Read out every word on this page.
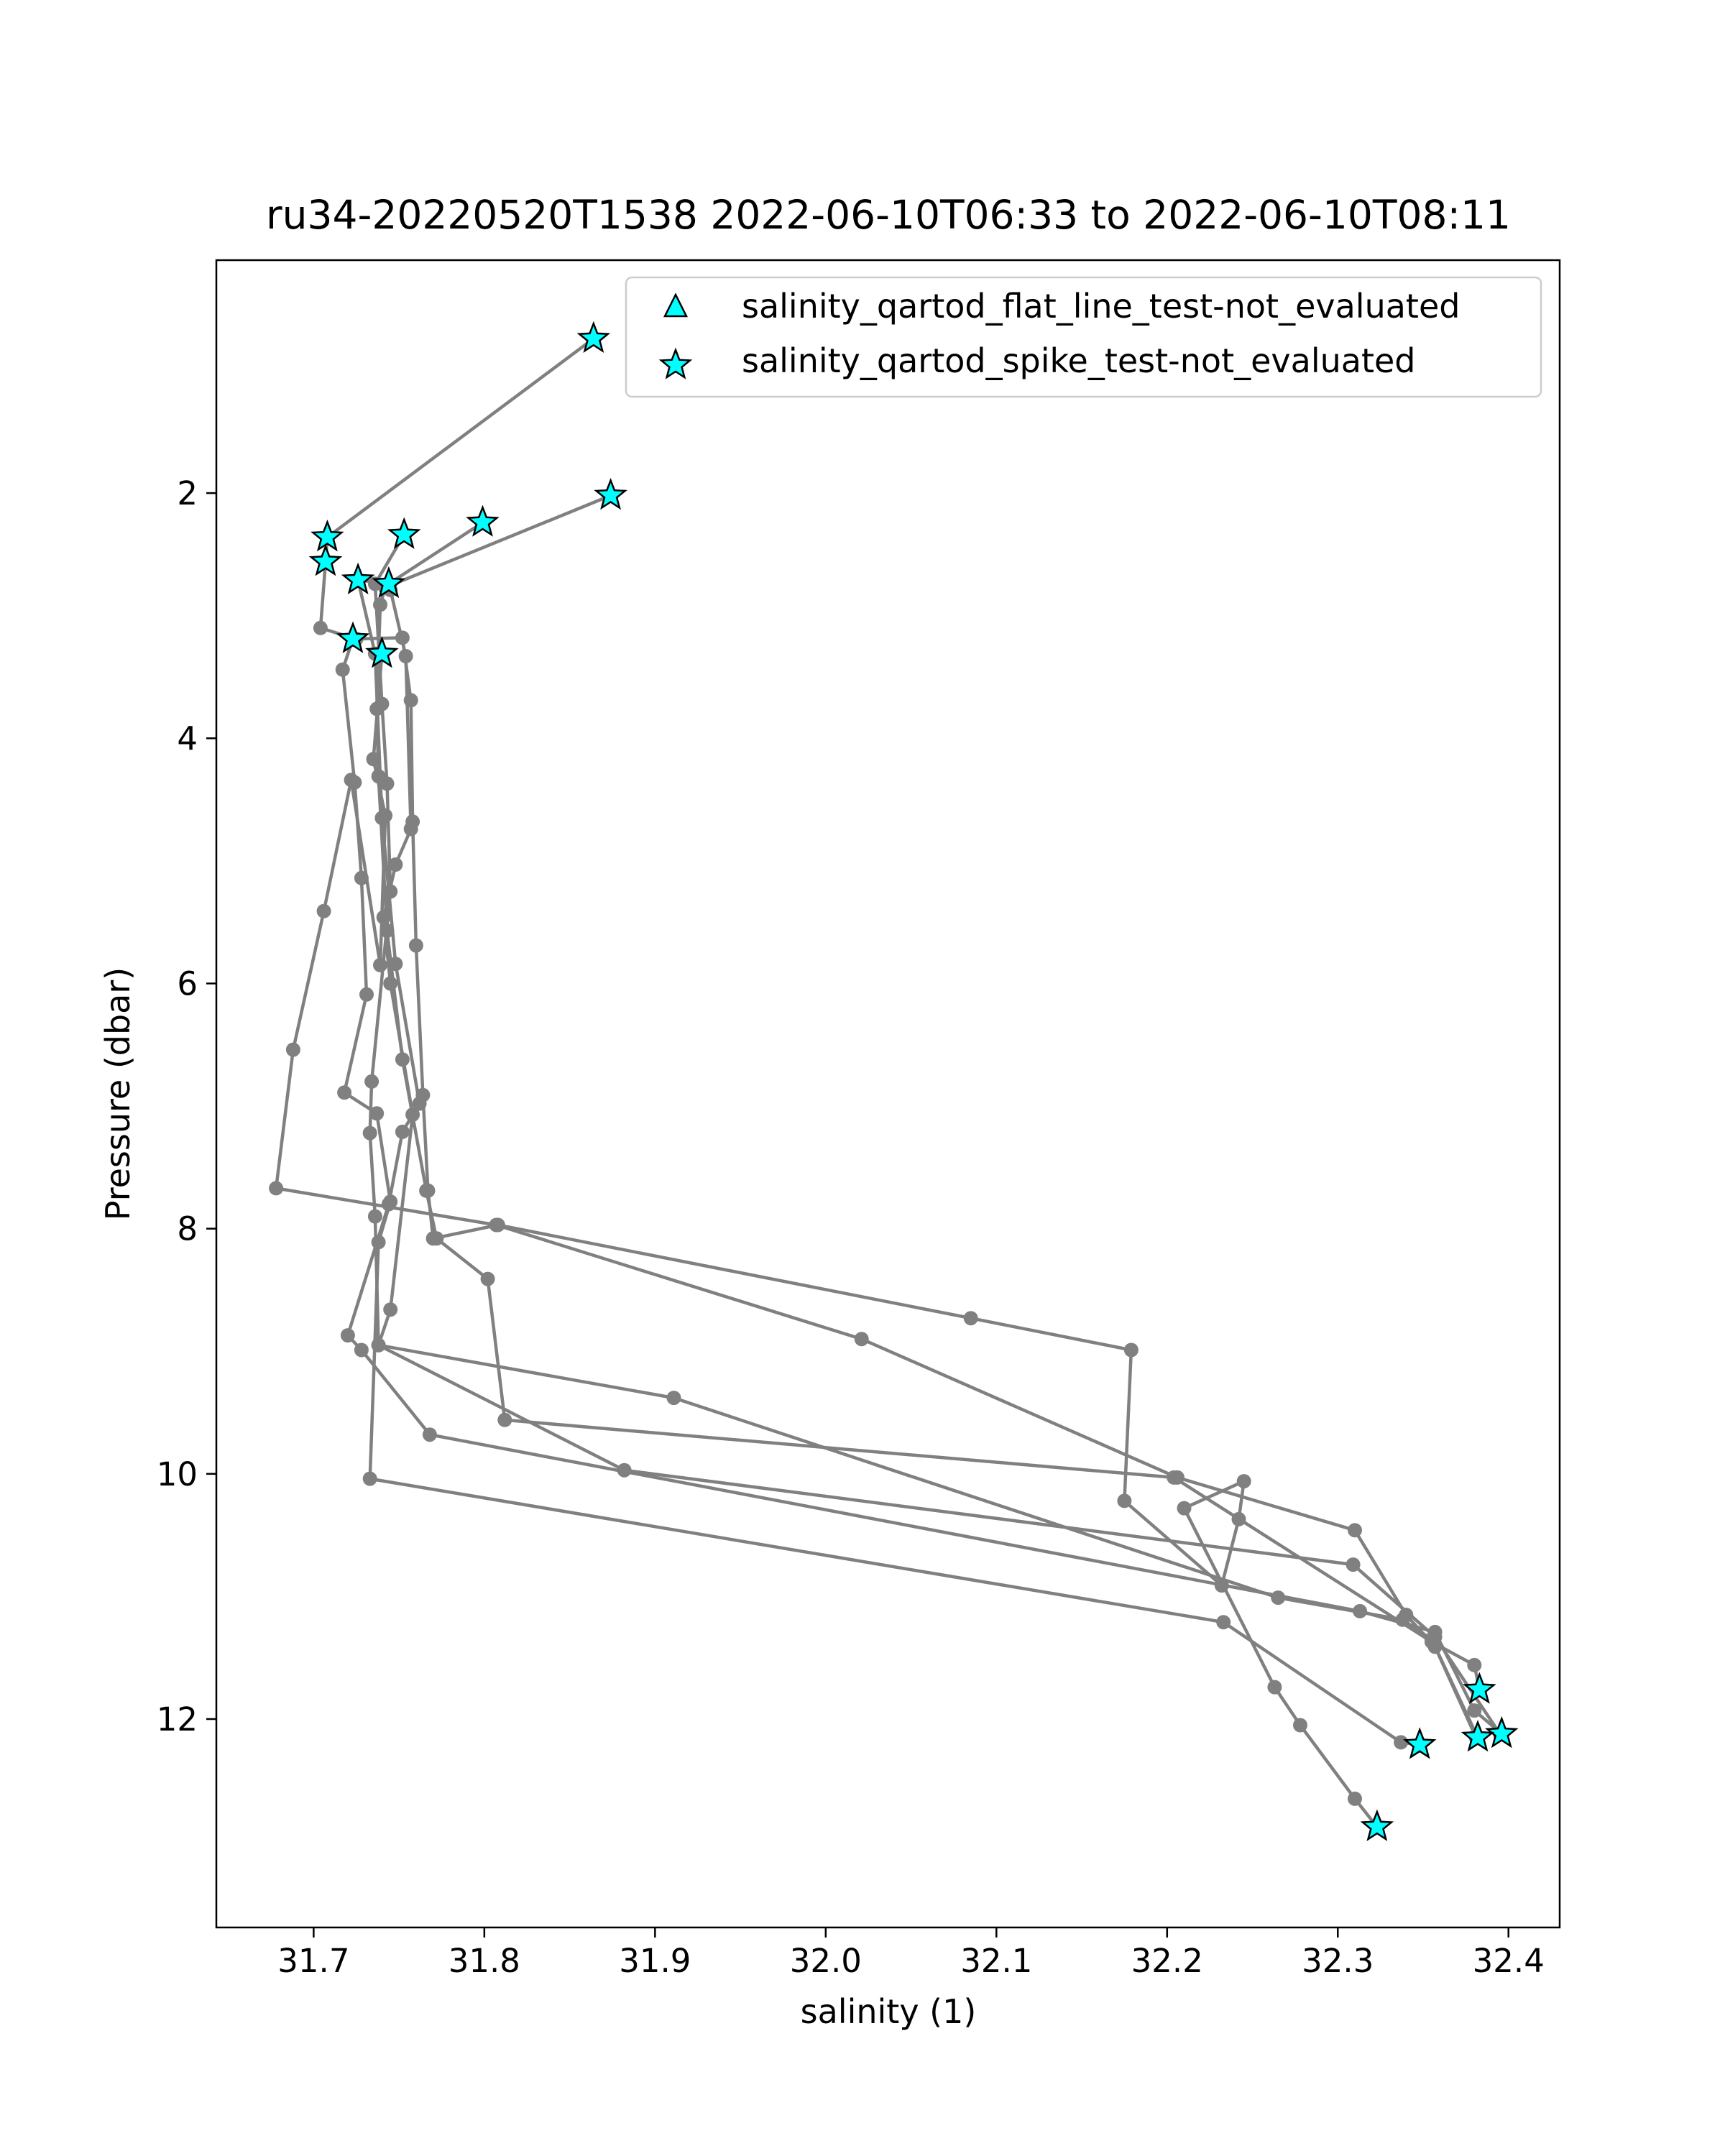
ru34-20220520T1538 2022-06-10T06:33 to 2022-06-10T08:11
31.7	31.8	31.9	32.0	32.1	32.2	32.3	32.4
2
4
6
8
10
12
salinity (1)
Pressure (dbar)
salinity_qartod_flat_line_test-not_evaluated
salinity_qartod_spike_test-not_evaluated
